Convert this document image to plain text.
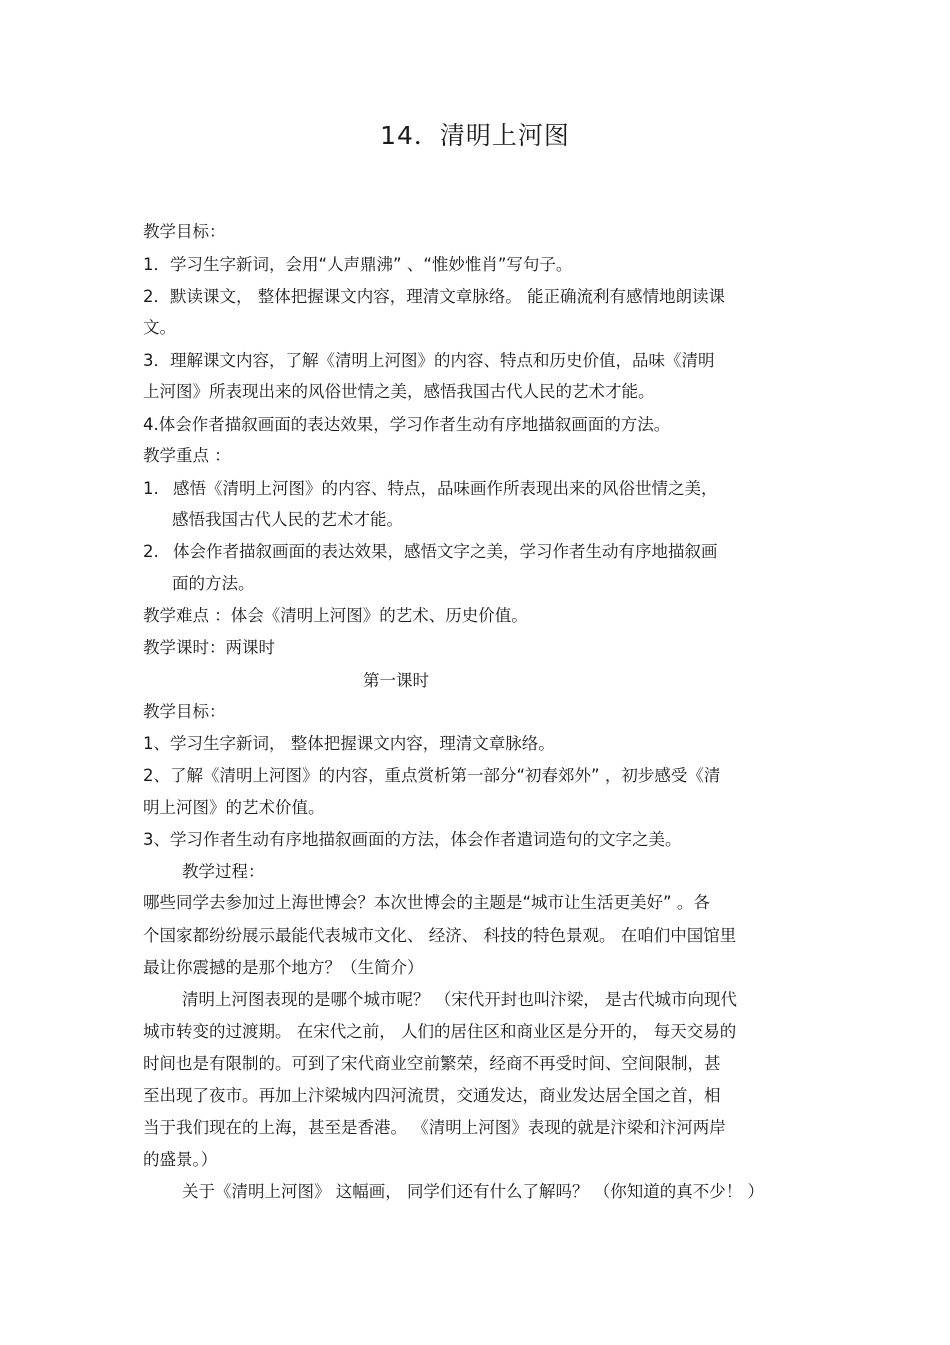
14．清明上河图
教学目标：
1．学习生字新词，会用“人声鼎沸” 、“惟妙惟肖”写句子。
2．默读课文， 整体把握课文内容，理清文章脉络。 能正确流利有感情地朗读课
文。
3．理解课文内容，了解《清明上河图》的内容、特点和历史价值，品味《清明
上河图》所表现出来的风俗世情之美，感悟我国古代人民的艺术才能。
4.体会作者描叙画面的表达效果，学习作者生动有序地描叙画面的方法。
教学重点 ：
1. 感悟《清明上河图》的内容、特点，品味画作所表现出来的风俗世情之美，
感悟我国古代人民的艺术才能。
2. 体会作者描叙画面的表达效果，感悟文字之美，学习作者生动有序地描叙画
面的方法。
教学难点 ：体会《清明上河图》的艺术、历史价值。
教学课时：两课时
第一课时
教学目标：
1、学习生字新词， 整体把握课文内容，理清文章脉络。
2、了解《清明上河图》的内容，重点赏析第一部分“初春郊外” ，初步感受《清
明上河图》的艺术价值。
3、学习作者生动有序地描叙画面的方法，体会作者遣词造句的文字之美。
教学过程：
哪些同学去参加过上海世博会？本次世博会的主题是“城市让生活更美好” 。各
个国家都纷纷展示最能代表城市文化、 经济、 科技的特色景观。 在咱们中国馆里
最让你震撼的是那个地方？（生简介）
清明上河图表现的是哪个城市呢？ （宋代开封也叫汴梁， 是古代城市向现代
城市转变的过渡期。 在宋代之前， 人们的居住区和商业区是分开的， 每天交易的
时间也是有限制的。可到了宋代商业空前繁荣，经商不再受时间、空间限制，甚
至出现了夜市。再加上汴梁城内四河流贯，交通发达，商业发达居全国之首，相
当于我们现在的上海，甚至是香港。 《清明上河图》表现的就是汴梁和汴河两岸
的盛景。）
关于《清明上河图》 这幅画， 同学们还有什么了解吗？ （你知道的真不少！ ）
